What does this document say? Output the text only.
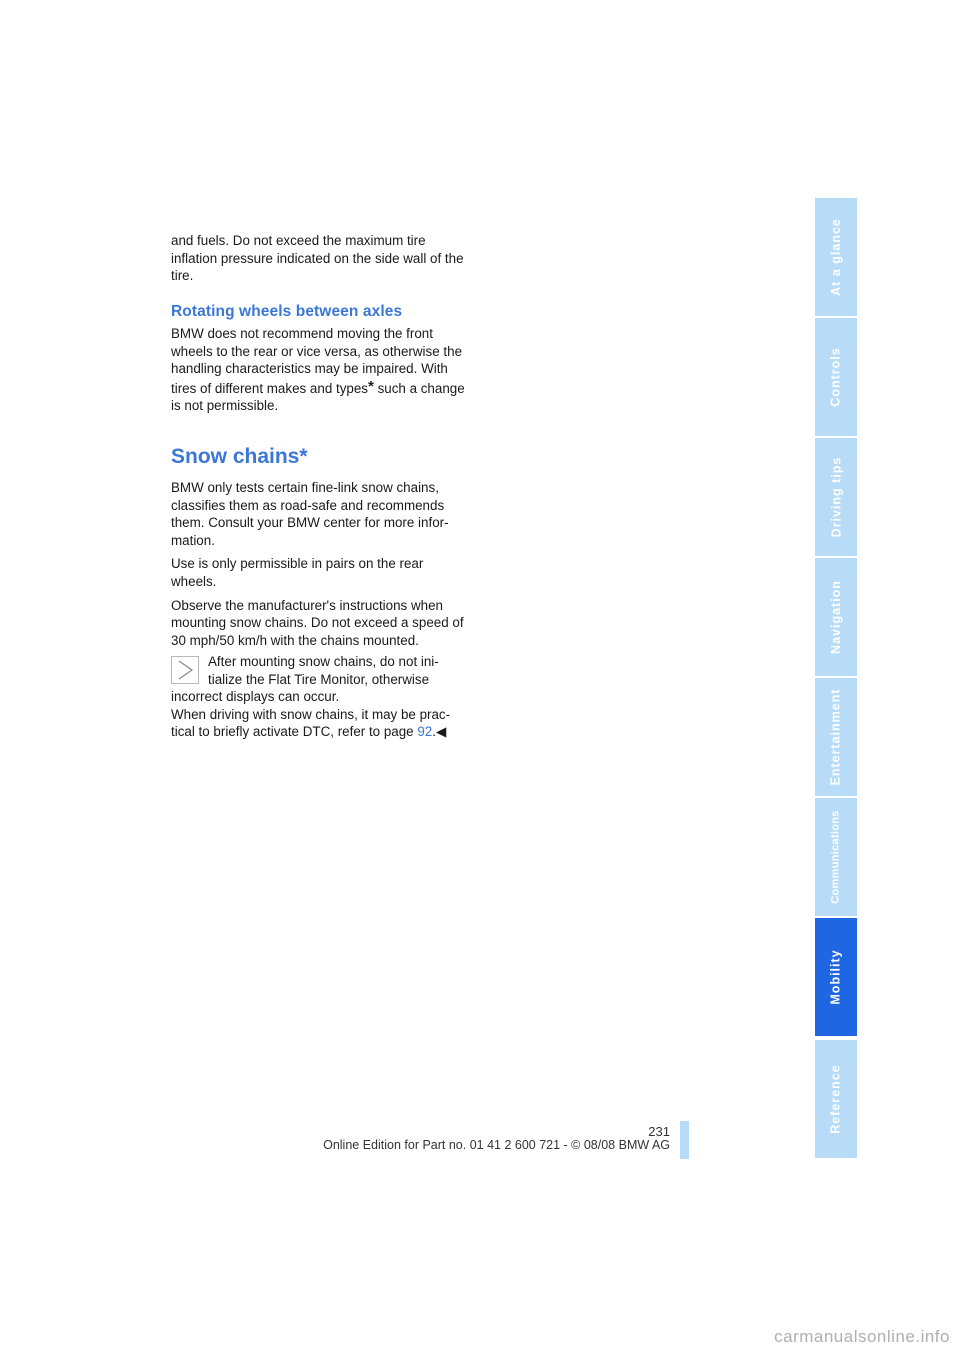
and fuels. Do not exceed the maximum tire inflation pressure indicated on the side wall of the tire.

Rotating wheels between axles

BMW does not recommend moving the front wheels to the rear or vice versa, as otherwise the handling characteristics may be impaired. With tires of different makes and types* such a change is not permissible.

Snow chains*

BMW only tests certain fine-link snow chains, classifies them as road-safe and recommends them. Consult your BMW center for more infor-mation.

Use is only permissible in pairs on the rear wheels.

Observe the manufacturer's instructions when mounting snow chains. Do not exceed a speed of 30 mph/50 km/h with the chains mounted.

After mounting snow chains, do not ini-

tialize the Flat Tire Monitor, otherwise

incorrect displays can occur.

When driving with snow chains, it may be prac-

tical to briefly activate DTC, refer to page 92.◀

At a glance
Controls
Driving tips
Navigation
Entertainment
Communications
Mobility
Reference
231
Online Edition for Part no. 01 41 2 600 721 - © 08/08 BMW AG
carmanualsonline.info
